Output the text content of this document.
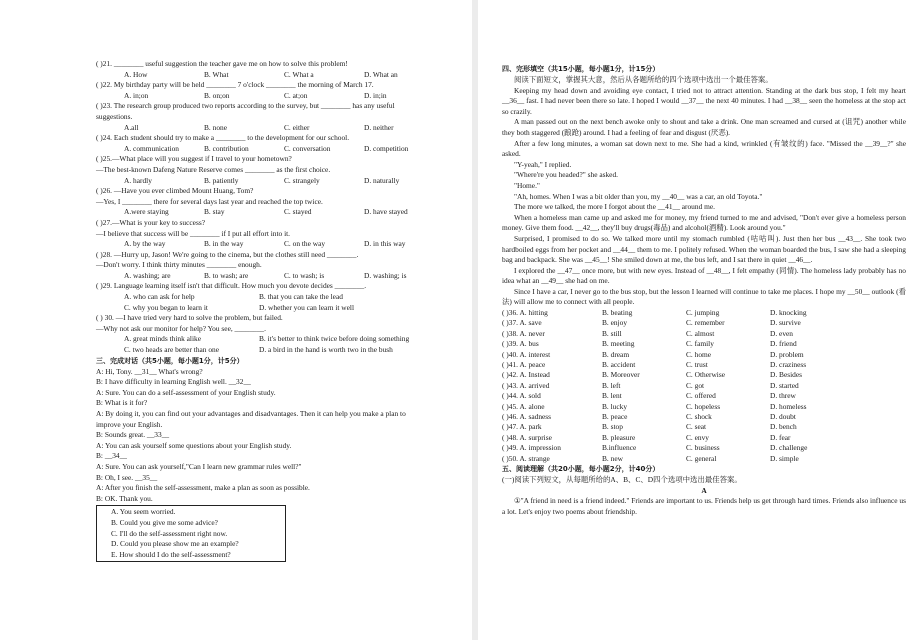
( )21. ________ useful suggestion the teacher gave me on how to solve this problem!
A. How	B. What	C. What a	D. What an
( )22. My birthday party will be held ________ 7 o'clock ________ the morning of March 17.
A. in;on	B. on;on	C. at;on	D. in;in
( )23. The research group produced two reports according to the survey, but ________ has any useful
suggestions.
A.all	B. none	C. either	D. neither
( )24. Each student should try to make a ________ to the development for our school.
A. communication	B. contribution	C. conversation	D. competition
( )25.—What place will you suggest if I travel to your hometown?
—The best-known Dafeng Nature Reserve comes ________ as the first choice.
A. hardly	B. patiently	C. strangely	D. naturally
( )26. —Have you ever climbed Mount Huang, Tom?
—Yes, I ________ there for several days last year and reached the top twice.
A.were staying	B. stay	C. stayed	D. have stayed
( )27.—What is your key to success?
—I believe that success will be ________ if I put all effort into it.
A. by the way	B. in the way	C. on the way	D. in this way
( )28. —Hurry up, Jason! We're going to the cinema, but the clothes still need ________.
—Don't worry. I think thirty minutes ________ enough.
A. washing; are	B. to wash; are	C. to wash; is	D. washing; is
( )29. Language learning itself isn't that difficult. How much you devote decides ________.
A. who can ask for help	B. that you can take the lead
C. why you began to learn it	D. whether you can learn it well
( ) 30. —I have tried very hard to solve the problem, but failed.
—Why not ask our monitor for help? You see, ________.
A. great minds think alike	B. it's better to think twice before doing something
C. two heads are better than one	D. a bird in the hand is worth two in the bush
三、完成对话（共5小题，每小题1分，计5分）
A: Hi, Tony. __31__ What's wrong?
B: I have difficulty in learning English well. __32__
A: Sure. You can do a self-assessment of your English study.
B: What is it for?
A: By doing it, you can find out your advantages and disadvantages. Then it can help you make a plan to
improve your English.
B: Sounds great. __33__
A: You can ask yourself some questions about your English study.
B: __34__
A: Sure. You can ask yourself,"Can I learn new grammar rules well?"
B: Oh, I see. __35__
A: After you finish the self-assessment, make a plan as soon as possible.
B: OK. Thank you.
A. You seem worried.
B. Could you give me some advice?
C. I'll do the self-assessment right now.
D. Could you please show me an example?
E. How should I do the self-assessment?
四、完形填空（共15小题，每小题1分，计15分）
阅读下面短文，掌握其大意，然后从各题所给的四个选项中选出一个最佳答案。
Keeping my head down and avoiding eye contact, I tried not to attract attention. Standing at the dark bus stop, I felt my heart __36__ fast. I had never been there so late. I hoped I would __37__ the next 40 minutes. I had __38__ seen the homeless at the stop act so crazily.
A man passed out on the next bench awoke only to shout and take a drink. One man screamed and cursed at (诅咒) another while they both staggered (踉跄) around. I had a feeling of fear and disgust (厌恶).
After a few long minutes, a woman sat down next to me. She had a kind, wrinkled (有皱纹的) face. "Missed the __39__?" she asked.
"Y-yeah," I replied.
"Where're you headed?" she asked.
"Home."
"Ah, homes. When I was a bit older than you, my __40__ was a car, an old Toyota."
The more we talked, the more I forgot about the __41__ around me.
When a homeless man came up and asked me for money, my friend turned to me and advised, "Don't ever give a homeless person money. Give them food. __42__, they'll buy drugs(毒品) and alcohol(酒精). Look around you."
Surprised, I promised to do so. We talked more until my stomach rumbled (咕咕叫). Just then her bus __43__. She took two hardboiled eggs from her pocket and __44__ them to me. I politely refused. When the woman boarded the bus, I saw she had a sleeping bag and backpack. She was __45__! She smiled down at me, the bus left, and I sat there in quiet __46__.
I explored the __47__ once more, but with new eyes. Instead of __48__, I felt empathy (同情). The homeless lady probably has no idea what an __49__ she had on me.
Since I have a car, I never go to the bus stop, but the lesson I learned will continue to take me places. I hope my __50__ outlook (看法) will allow me to connect with all people.
( )36. A. hitting	B. beating	C. jumping	D. knocking
( )37. A. save	B. enjoy	C. remember	D. survive
( )38. A. never	B. still	C. almost	D. even
( )39. A. bus	B. meeting	C. family	D. friend
( )40. A. interest	B. dream	C. home	D. problem
( )41. A. peace	B. accident	C. trust	D. craziness
( )42. A. Instead	B. Moreover	C. Otherwise	D. Besides
( )43. A. arrived	B. left	C. got	D. started
( )44. A. sold	B. lent	C. offered	D. threw
( )45. A. alone	B. lucky	C. hopeless	D. homeless
( )46. A. sadness	B. peace	C. shock	D. doubt
( )47. A. park	B. stop	C. seat	D. bench
( )48. A. surprise	B. pleasure	C. envy	D. fear
( )49. A. impression	B.influence	C. business	D. challenge
( )50. A. strange	B. new	C. general	D. simple
五、阅读理解（共20小题，每小题2分，计40分）
(一)阅读下列短文，从每题所给的A、B、C、D四个选项中选出最佳答案。
A
①"A friend in need is a friend indeed." Friends are important to us. Friends help us get through hard times. Friends also influence us a lot. Let's enjoy two poems about friendship.
